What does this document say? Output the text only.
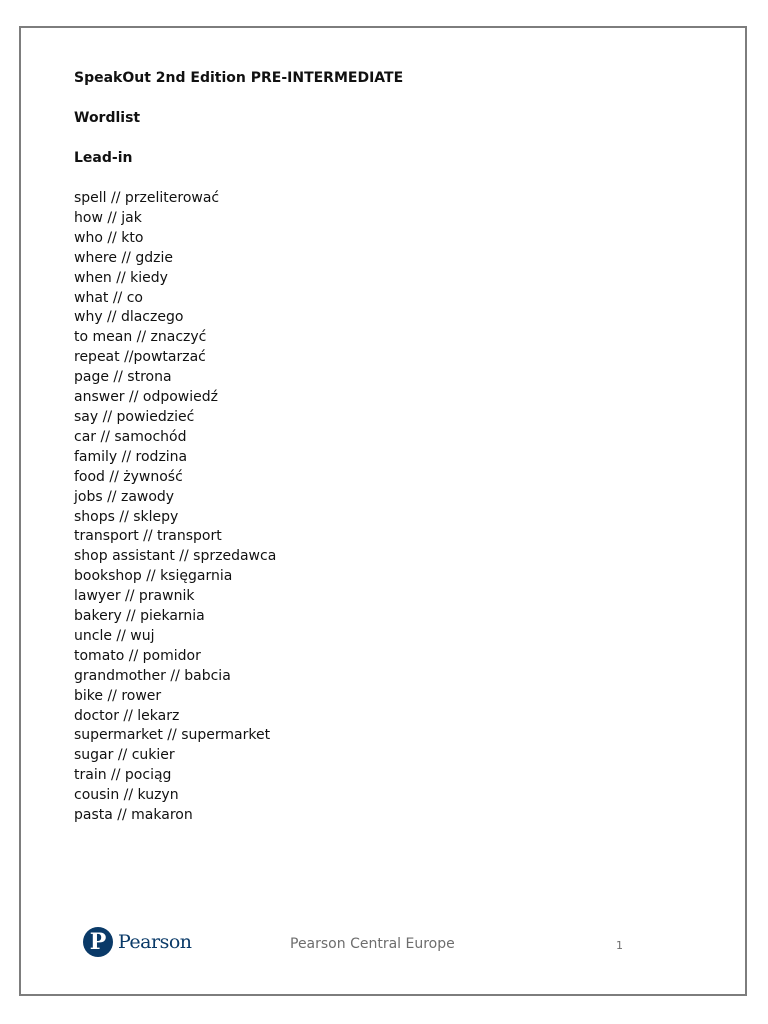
SpeakOut 2nd Edition PRE-INTERMEDIATE
Wordlist
Lead-in
spell // przeliterować
how // jak
who // kto
where // gdzie
when // kiedy
what // co
why // dlaczego
to mean // znaczyć
repeat //powtarzać
page // strona
answer // odpowiedź
say // powiedzieć
car // samochód
family // rodzina
food // żywność
jobs // zawody
shops // sklepy
transport // transport
shop assistant // sprzedawca
bookshop // księgarnia
lawyer // prawnik
bakery // piekarnia
uncle // wuj
tomato // pomidor
grandmother // babcia
bike // rower
doctor // lekarz
supermarket // supermarket
sugar // cukier
train // pociąg
cousin // kuzyn
pasta // makaron
P Pearson	Pearson Central Europe	1
